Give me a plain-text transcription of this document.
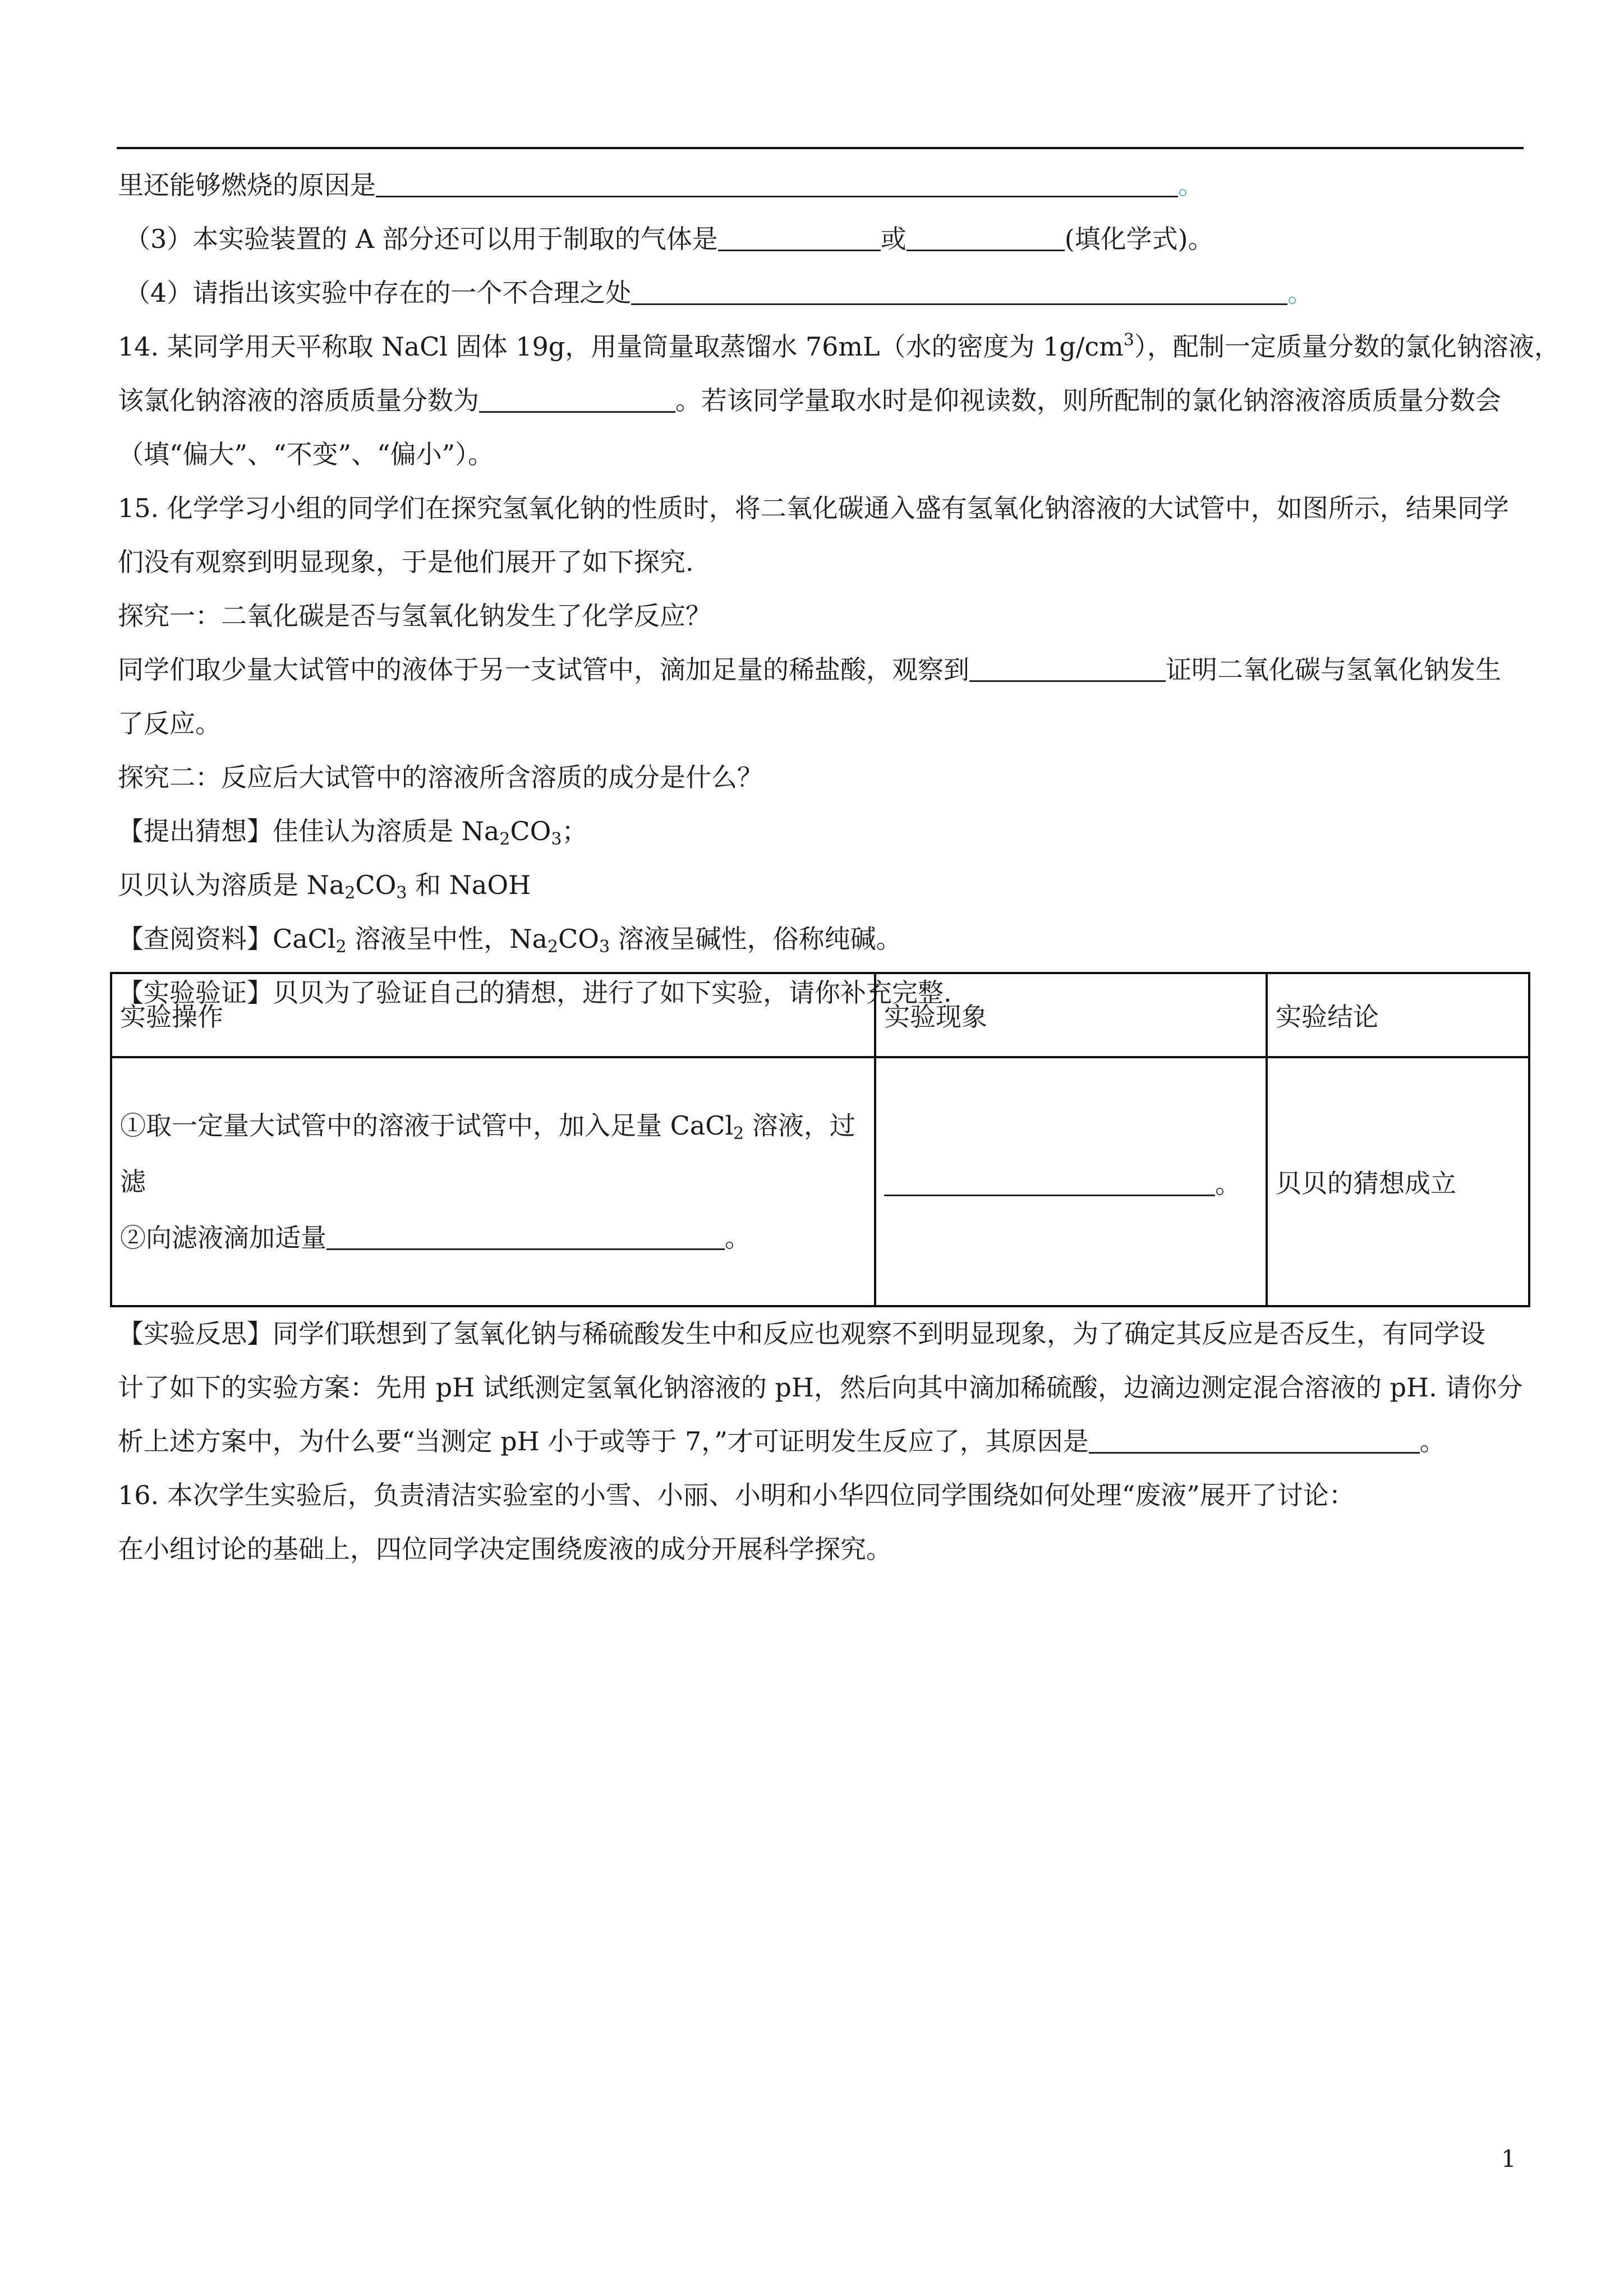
里还能够燃烧的原因是	。
（3）本实验装置的 A 部分还可以用于制取的气体是	或	(填化学式)。
（4）请指出该实验中存在的一个不合理之处	。
14. 某同学用天平称取 NaCl 固体 19g，用量筒量取蒸馏水 76mL（水的密度为 $1g/cm^3$），配制一定质量分数的氯化钠溶液，
该氯化钠溶液的溶质质量分数为	。若该同学量取水时是仰视读数，则所配制的氯化钠溶液溶质质量分数会
（填“偏大”、“不变”、“偏小”）。
15. 化学学习小组的同学们在探究氢氧化钠的性质时，将二氧化碳通入盛有氢氧化钠溶液的大试管中，如图所示，结果同学
们没有观察到明显现象，于是他们展开了如下探究.
探究一：二氧化碳是否与氢氧化钠发生了化学反应？
同学们取少量大试管中的液体于另一支试管中，滴加足量的稀盐酸，观察到	证明二氧化碳与氢氧化钠发生
了反应。
探究二：反应后大试管中的溶液所含溶质的成分是什么？
【提出猜想】佳佳认为溶质是 $Na_2CO_3$；
贝贝认为溶质是 $Na_2CO_3$ 和 NaOH
【查阅资料】CaCl$_2$ 溶液呈中性，$Na_2CO_3$ 溶液呈碱性，俗称纯碱。
【实验验证】贝贝为了验证自己的猜想，进行了如下实验，请你补充完整.
实验操作	实验现象	实验结论

①取一定量大试管中的溶液于试管中，加入足量 CaCl$_2$ 溶液，过
滤
②向滤液滴加适量 。	。	贝贝的猜想成立
【实验反思】同学们联想到了氢氧化钠与稀硫酸发生中和反应也观察不到明显现象，为了确定其反应是否反生，有同学设
计了如下的实验方案：先用 pH 试纸测定氢氧化钠溶液的 pH，然后向其中滴加稀硫酸，边滴边测定混合溶液的 pH. 请你分
析上述方案中，为什么要“当测定 pH 小于或等于 7，”才可证明发生反应了，其原因是	。
16. 本次学生实验后，负责清洁实验室的小雪、小丽、小明和小华四位同学围绕如何处理“废液”展开了讨论：
在小组讨论的基础上，四位同学决定围绕废液的成分开展科学探究。
1
